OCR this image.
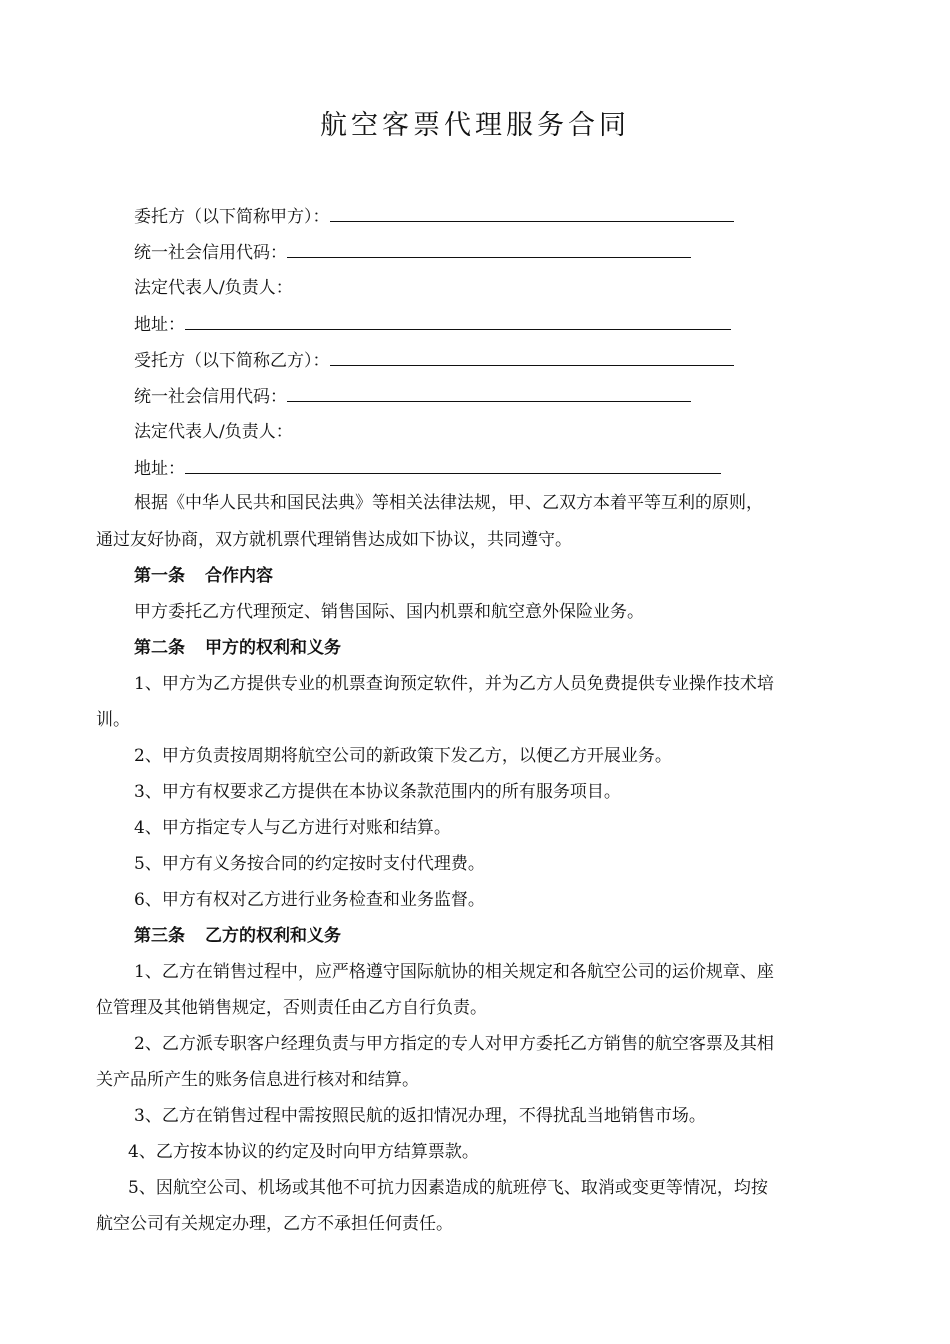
航空客票代理服务合同
委托方（以下简称甲方）：
统一社会信用代码：
法定代表人/负责人：
地址：
受托方（以下简称乙方）：
统一社会信用代码：
法定代表人/负责人：
地址：
根据《中华人民共和国民法典》等相关法律法规，甲、乙双方本着平等互利的原则，
通过友好协商，双方就机票代理销售达成如下协议，共同遵守。
第一条 合作内容
甲方委托乙方代理预定、销售国际、国内机票和航空意外保险业务。
第二条 甲方的权利和义务
1、甲方为乙方提供专业的机票查询预定软件，并为乙方人员免费提供专业操作技术培
训。
2、甲方负责按周期将航空公司的新政策下发乙方，以便乙方开展业务。
3、甲方有权要求乙方提供在本协议条款范围内的所有服务项目。
4、甲方指定专人与乙方进行对账和结算。
5、甲方有义务按合同的约定按时支付代理费。
6、甲方有权对乙方进行业务检查和业务监督。
第三条 乙方的权利和义务
1、乙方在销售过程中，应严格遵守国际航协的相关规定和各航空公司的运价规章、座
位管理及其他销售规定，否则责任由乙方自行负责。
2、乙方派专职客户经理负责与甲方指定的专人对甲方委托乙方销售的航空客票及其相
关产品所产生的账务信息进行核对和结算。
3、乙方在销售过程中需按照民航的返扣情况办理，不得扰乱当地销售市场。
4、乙方按本协议的约定及时向甲方结算票款。
5、因航空公司、机场或其他不可抗力因素造成的航班停飞、取消或变更等情况，均按
航空公司有关规定办理，乙方不承担任何责任。
